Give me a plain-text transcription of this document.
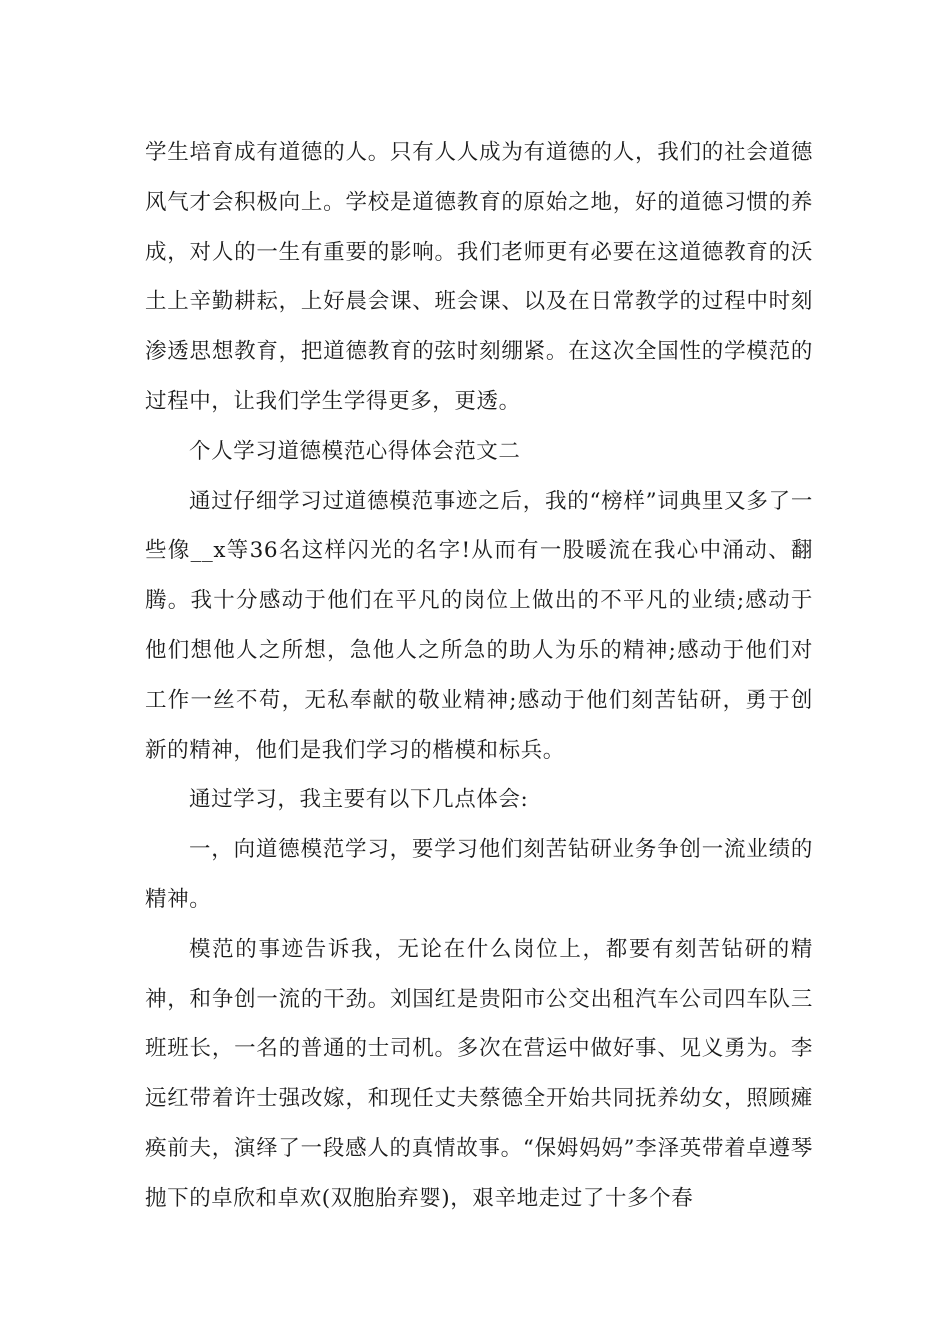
学生培育成有道德的人。只有人人成为有道德的人，我们的社会道德风气才会积极向上。学校是道德教育的原始之地，好的道德习惯的养成，对人的一生有重要的影响。我们老师更有必要在这道德教育的沃土上辛勤耕耘，上好晨会课、班会课、以及在日常教学的过程中时刻渗透思想教育，把道德教育的弦时刻绷紧。在这次全国性的学模范的过程中，让我们学生学得更多，更透。

个人学习道德模范心得体会范文二

通过仔细学习过道德模范事迹之后，我的“榜样”词典里又多了一些像__x等36名这样闪光的名字!从而有一股暖流在我心中涌动、翻腾。我十分感动于他们在平凡的岗位上做出的不平凡的业绩;感动于他们想他人之所想，急他人之所急的助人为乐的精神;感动于他们对工作一丝不苟，无私奉献的敬业精神;感动于他们刻苦钻研，勇于创新的精神，他们是我们学习的楷模和标兵。

通过学习，我主要有以下几点体会:

一，向道德模范学习，要学习他们刻苦钻研业务争创一流业绩的精神。

模范的事迹告诉我，无论在什么岗位上，都要有刻苦钻研的精神，和争创一流的干劲。刘国红是贵阳市公交出租汽车公司四车队三班班长，一名的普通的士司机。多次在营运中做好事、见义勇为。李远红带着许士强改嫁，和现任丈夫蔡德全开始共同抚养幼女，照顾瘫痪前夫，演绎了一段感人的真情故事。“保姆妈妈”李泽英带着卓遵琴抛下的卓欣和卓欢(双胞胎弃婴)，艰辛地走过了十多个春
